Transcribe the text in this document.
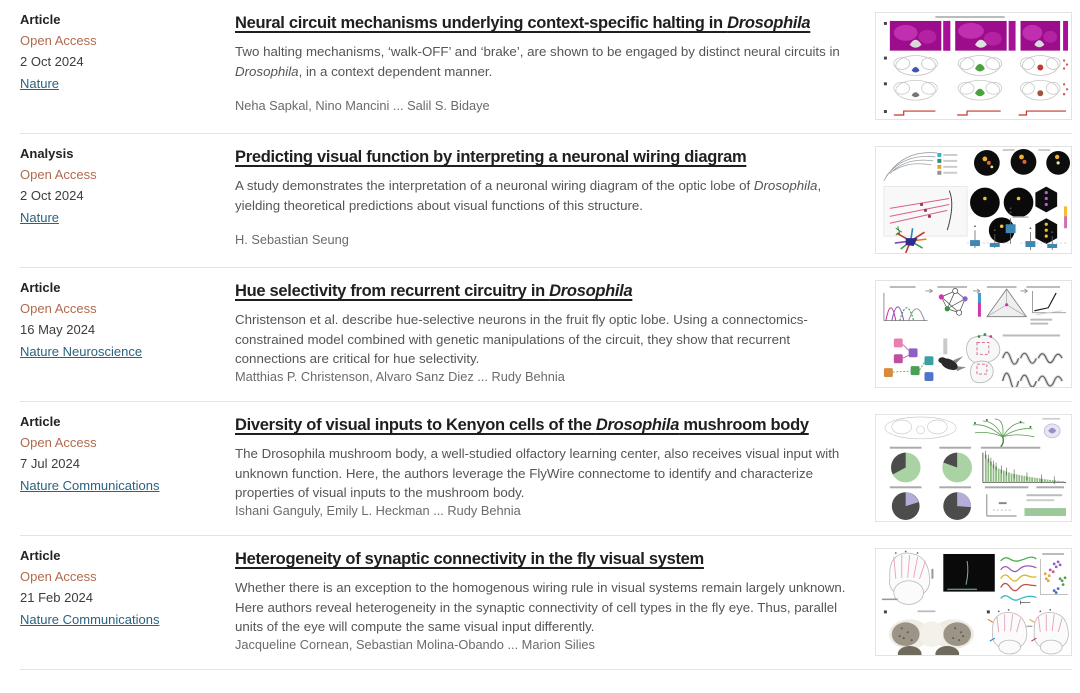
Article
Open Access
2 Oct 2024
Nature
Neural circuit mechanisms underlying context-specific halting in Drosophila
Two halting mechanisms, ‘walk-OFF’ and ‘brake’, are shown to be engaged by distinct neural circuits in Drosophila, in a context dependent manner.
Neha Sapkal, Nino Mancini ... Salil S. Bidaye
Analysis
Open Access
2 Oct 2024
Nature
Predicting visual function by interpreting a neuronal wiring diagram
A study demonstrates the interpretation of a neuronal wiring diagram of the optic lobe of Drosophila, yielding theoretical predictions about visual functions of this structure.
H. Sebastian Seung
Article
Open Access
16 May 2024
Nature Neuroscience
Hue selectivity from recurrent circuitry in Drosophila
Christenson et al. describe hue-selective neurons in the fruit fly optic lobe. Using a connectomics-constrained model combined with genetic manipulations of the circuit, they show that recurrent connections are critical for hue selectivity.
Matthias P. Christenson, Alvaro Sanz Diez ... Rudy Behnia
Article
Open Access
7 Jul 2024
Nature Communications
Diversity of visual inputs to Kenyon cells of the Drosophila mushroom body
The Drosophila mushroom body, a well-studied olfactory learning center, also receives visual input with unknown function. Here, the authors leverage the FlyWire connectome to identify and characterize properties of visual inputs to the mushroom body.
Ishani Ganguly, Emily L. Heckman ... Rudy Behnia
Article
Open Access
21 Feb 2024
Nature Communications
Heterogeneity of synaptic connectivity in the fly visual system
Whether there is an exception to the homogenous wiring rule in visual systems remain largely unknown. Here authors reveal heterogeneity in the synaptic connectivity of cell types in the fly eye. Thus, parallel units of the eye will compute the same visual input differently.
Jacqueline Cornean, Sebastian Molina-Obando ... Marion Silies
